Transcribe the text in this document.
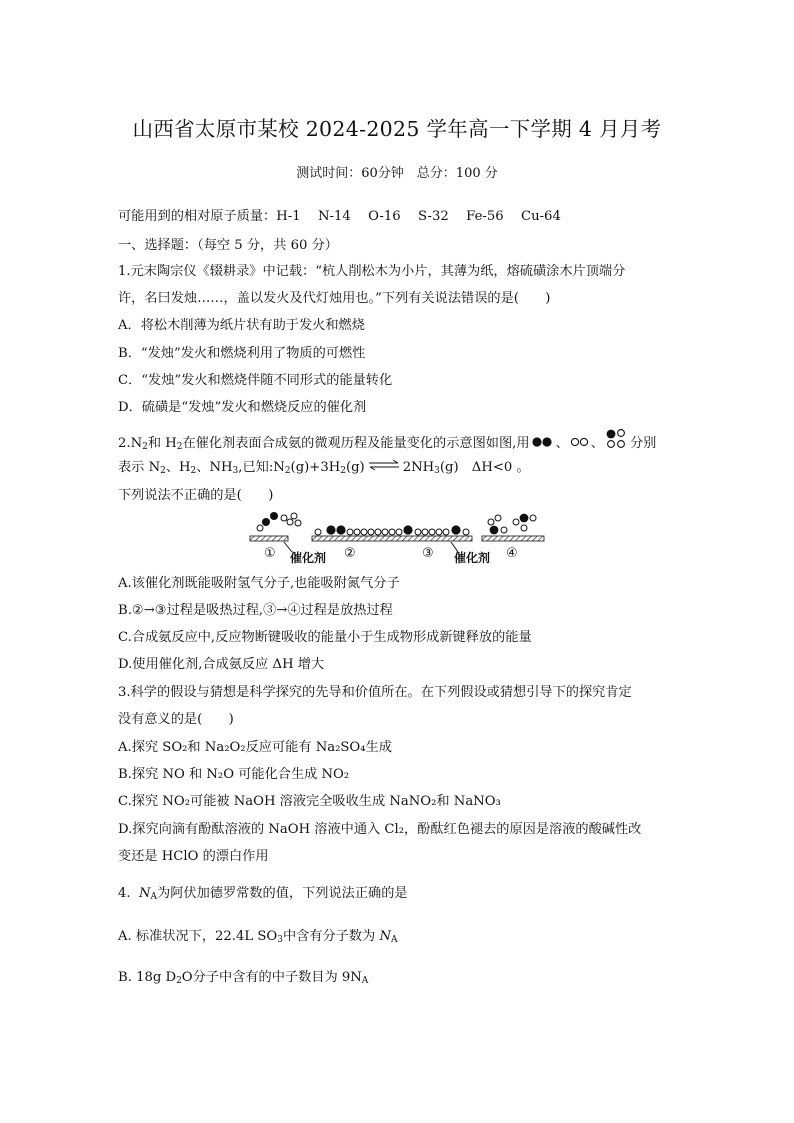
山西省太原市某校 2024-2025 学年高一下学期 4 月月考
测试时间：60分钟　总分：100 分
可能用到的相对原子质量：H-1　 N-14 　O-16　 S-32　 Fe-56　 Cu-64
一、选择题：（每空 5 分，共 60 分）
1.元末陶宗仪《辍耕录》中记载：“杭人削松木为小片，其薄为纸，熔硫磺涂木片顶端分
许，名曰发烛……，盖以发火及代灯烛用也。”下列有关说法错误的是(　　)
A．将松木削薄为纸片状有助于发火和燃烧
B．“发烛”发火和燃烧利用了物质的可燃性
C．“发烛”发火和燃烧伴随不同形式的能量转化
D．硫磺是“发烛”发火和燃烧反应的催化剂
$2.N_2$和 $H_2$在催化剂表面合成氨的微观历程及能量变化的示意图如图,用 、 、 分别
表示 $N_2$、$H_2$、$NH_3$,已知$:N_2(g)+3H_2(g)$ ⇌ $2NH_3(g)$　ΔH<0 。
下列说法不正确的是(　　)
① 催化剂 ②	③ 催化剂 ④
A.该催化剂既能吸附氢气分子,也能吸附氮气分子
B.②→③过程是吸热过程,③→④过程是放热过程
C.合成氨反应中,反应物断键吸收的能量小于生成物形成新键释放的能量
D.使用催化剂,合成氨反应 ΔH 增大
3.科学的假设与猜想是科学探究的先导和价值所在。在下列假设或猜想引导下的探究肯定
没有意义的是(　　)
A.探究 SO₂和 Na₂O₂反应可能有 Na₂SO₄生成
B.探究 NO 和 N₂O 可能化合生成 NO₂
C.探究 NO₂可能被 NaOH 溶液完全吸收生成 NaNO₂和 NaNO₃
D.探究向滴有酚酞溶液的 NaOH 溶液中通入 Cl₂，酚酞红色褪去的原因是溶液的酸碱性改
变还是 HClO 的漂白作用
4. $N_A$为阿伏加德罗常数的值，下列说法正确的是
A. 标准状况下，22.4L $SO_3$中含有分子数为 $N_A$
B. 18g $D_2O$分子中含有的中子数目为 $9N_A$
